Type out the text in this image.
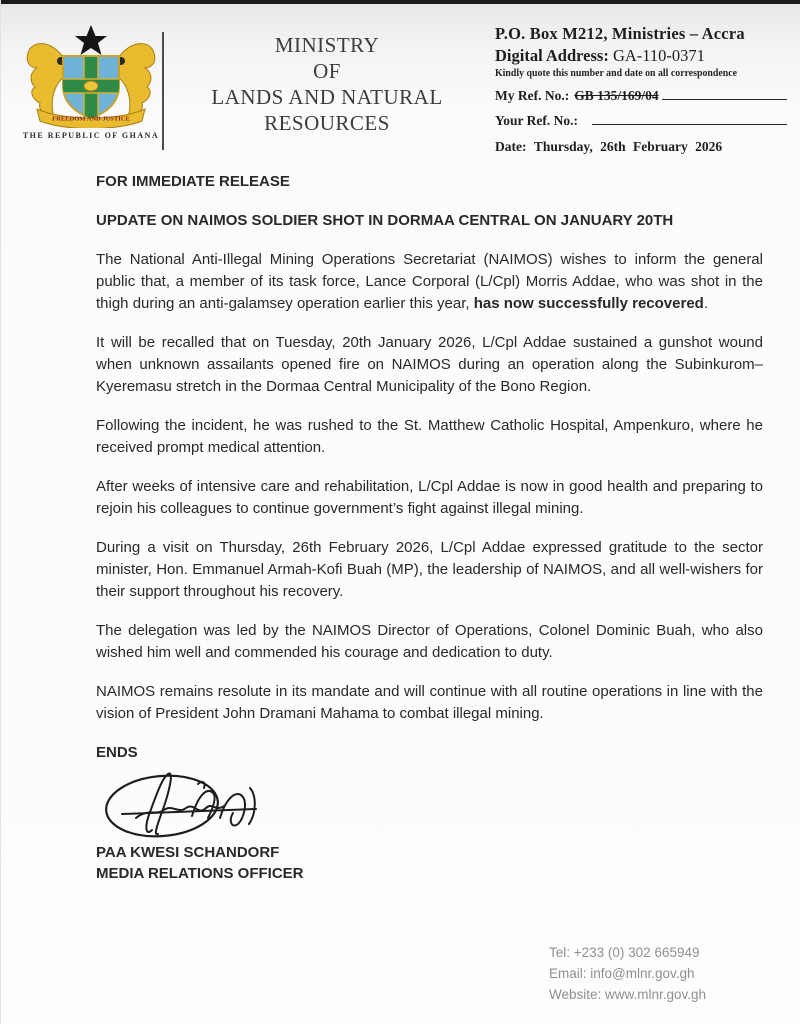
FREEDOM AND JUSTICE
THE REPUBLIC OF GHANA
MINISTRY
OF
LANDS AND NATURAL
RESOURCES
P.O. Box M212, Ministries – Accra
Digital Address: GA-110-0371
Kindly quote this number and date on all correspondence
My Ref. No.: GB 135/169/04
Your Ref. No.:
Date: Thursday, 26th February 2026

FOR IMMEDIATE RELEASE

UPDATE ON NAIMOS SOLDIER SHOT IN DORMAA CENTRAL ON JANUARY 20TH

The National Anti-Illegal Mining Operations Secretariat (NAIMOS) wishes to inform the general public that, a member of its task force, Lance Corporal (L/Cpl) Morris Addae, who was shot in the thigh during an anti-galamsey operation earlier this year, has now successfully recovered.

It will be recalled that on Tuesday, 20th January 2026, L/Cpl Addae sustained a gunshot wound when unknown assailants opened fire on NAIMOS during an operation along the Subinkurom–Kyeremasu stretch in the Dormaa Central Municipality of the Bono Region.

Following the incident, he was rushed to the St. Matthew Catholic Hospital, Ampenkuro, where he received prompt medical attention.

After weeks of intensive care and rehabilitation, L/Cpl Addae is now in good health and preparing to rejoin his colleagues to continue government’s fight against illegal mining.

During a visit on Thursday, 26th February 2026, L/Cpl Addae expressed gratitude to the sector minister, Hon. Emmanuel Armah-Kofi Buah (MP), the leadership of NAIMOS, and all well-wishers for their support throughout his recovery.

The delegation was led by the NAIMOS Director of Operations, Colonel Dominic Buah, who also wished him well and commended his courage and dedication to duty.

NAIMOS remains resolute in its mandate and will continue with all routine operations in line with the vision of President John Dramani Mahama to combat illegal mining.

ENDS

PAA KWESI SCHANDORF
MEDIA RELATIONS OFFICER
Tel: +233 (0) 302 665949
Email: info@mlnr.gov.gh
Website: www.mlnr.gov.gh
